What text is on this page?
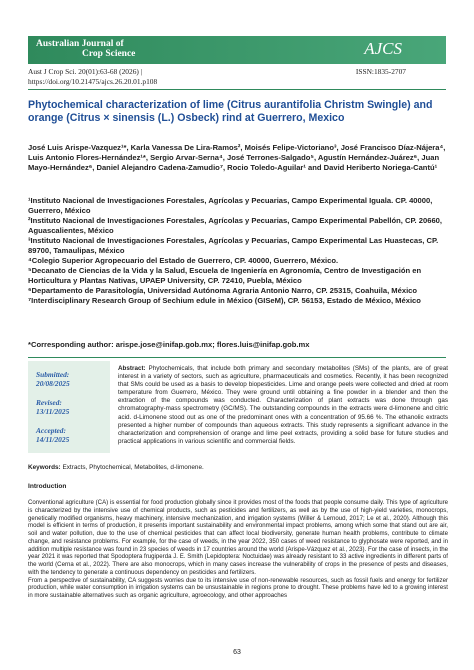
Australian Journal of
Crop Science	AJCS
Aust J Crop Sci. 20(01):63-68 (2026) |
https://doi.org/10.21475/ajcs.26.20.01.p108
ISSN:1835-2707
Phytochemical characterization of lime (Citrus aurantifolia Christm Swingle) and orange (Citrus × sinensis (L.) Osbeck) rind at Guerrero, Mexico
José Luis Arispe-Vazquez¹*, Karla Vanessa De Lira-Ramos², Moisés Felipe-Victoriano³, José Francisco Díaz-Nájera⁴, Luis Antonio Flores-Hernández¹*, Sergio Arvar-Serna⁴, José Terrones-Salgado⁵, Agustín Hernández-Juárez⁶, Juan Mayo-Hernández⁶, Daniel Alejandro Cadena-Zamudio⁷, Rocio Toledo-Aguilar¹ and David Heriberto Noriega-Cantú¹
¹Instituto Nacional de Investigaciones Forestales, Agrícolas y Pecuarias, Campo Experimental Iguala. CP. 40000, Guerrero, México
²Instituto Nacional de Investigaciones Forestales, Agrícolas y Pecuarias, Campo Experimental Pabellón, CP. 20660, Aguascalientes, México
³Instituto Nacional de Investigaciones Forestales, Agrícolas y Pecuarias, Campo Experimental Las Huastecas, CP. 89700, Tamaulipas, México
⁴Colegio Superior Agropecuario del Estado de Guerrero, CP. 40000, Guerrero, México.
⁵Decanato de Ciencias de la Vida y la Salud, Escuela de Ingeniería en Agronomía, Centro de Investigación en Horticultura y Plantas Nativas, UPAEP University, CP. 72410, Puebla, México
⁶Departamento de Parasitología, Universidad Autónoma Agraria Antonio Narro, CP. 25315, Coahuila, México
⁷Interdisciplinary Research Group of Sechium edule in México (GISeM), CP. 56153, Estado de México, México
*Corresponding author: arispe.jose@inifap.gob.mx; flores.luis@inifap.gob.mx
Submitted:
20/08/2025
Revised:
13/11/2025
Accepted:
14/11/2025
Abstract: Phytochemicals, that include both primary and secondary metabolites (SMs) of the plants, are of great interest in a variety of sectors, such as agriculture, pharmaceuticals and cosmetics. Recently, it has been recognized that SMs could be used as a basis to develop biopesticides. Lime and orange peels were collected and dried at room temperature from Guerrero, México. They were ground until obtaining a fine powder in a blender and then the extraction of the compounds was conducted. Characterization of plant extracts was done through gas chromatography-mass spectrometry (GC/MS). The outstanding compounds in the extracts were d-limonene and citric acid. d-Limonene stood out as one of the predominant ones with a concentration of 95.66 %. The ethanolic extracts presented a higher number of compounds than aqueous extracts. This study represents a significant advance in the characterization and comprehension of orange and lime peel extracts, providing a solid base for future studies and practical applications in various scientific and commercial fields.
Keywords: Extracts, Phytochemical, Metabolites, d-limonene.
Introduction

Conventional agriculture (CA) is essential for food production globally since it provides most of the foods that people consume daily. This type of agriculture is characterized by the intensive use of chemical products, such as pesticides and fertilizers, as well as by the use of high-yield varieties, monocrops, genetically modified organisms, heavy machinery, intensive mechanization, and irrigation systems (Willer & Lernoud, 2017; Le et al., 2020). Although this model is efficient in terms of production, it presents important sustainability and environmental impact problems, among which some that stand out are air, soil and water pollution, due to the use of chemical pesticides that can affect local biodiversity, generate human health problems, contribute to climate change, and resistance problems. For example, for the case of weeds, in the year 2022, 350 cases of weed resistance to glyphosate were reported, and in addition multiple resistance was found in 23 species of weeds in 17 countries around the world (Arispe-Vázquez et al., 2023). For the case of insects, in the year 2021 it was reported that Spodoptera frugiperda J. E. Smith (Lepidoptera: Noctuidae) was already resistant to 33 active ingredients in different parts of the world (Cerna et al., 2022). There are also monocrops, which in many cases increase the vulnerability of crops in the presence of pests and diseases, with the tendency to generate a continuous dependency on pesticides and fertilizers.

From a perspective of sustainability, CA suggests worries due to its intensive use of non-renewable resources, such as fossil fuels and energy for fertilizer production, while water consumption in irrigation systems can be unsustainable in regions prone to drought. These problems have led to a growing interest in more sustainable alternatives such as organic agriculture, agroecology, and other approaches

63
